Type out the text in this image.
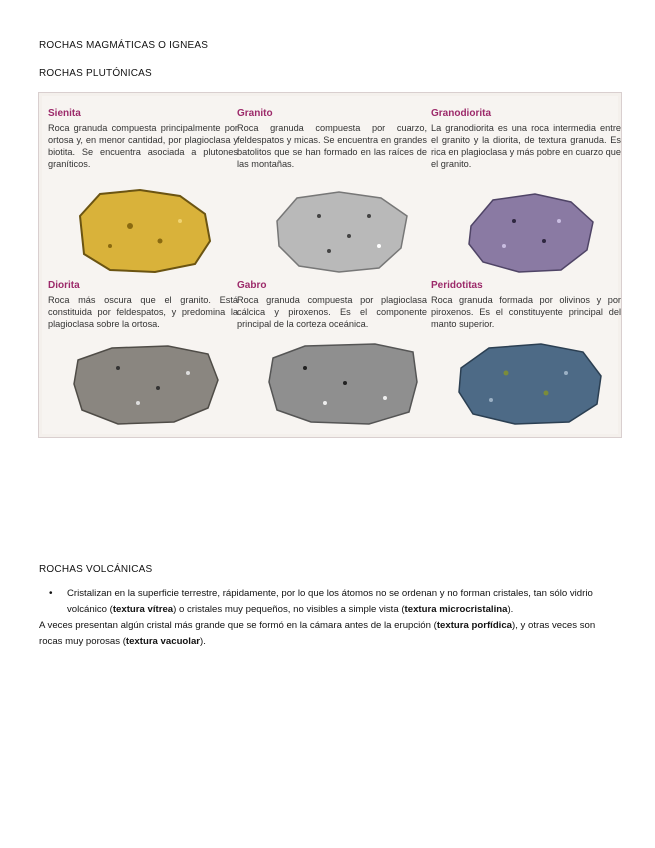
ROCHAS MAGMÁTICAS O IGNEAS
ROCHAS PLUTÓNICAS
Sienita
Roca granuda compuesta principalmente por ortosa y, en menor cantidad, por plagioclasa y biotita. Se encuentra asociada a plutones graníticos.
Granito
Roca granuda compuesta por cuarzo, feldespatos y micas. Se encuentra en grandes batolitos que se han formado en las raíces de las montañas.
Granodiorita
La granodiorita es una roca intermedia entre el granito y la diorita, de textura granuda. Es rica en plagioclasa y más pobre en cuarzo que el granito.
Diorita
Roca más oscura que el granito. Está constituida por feldespatos, y predomina la plagioclasa sobre la ortosa.
Gabro
Roca granuda compuesta por plagioclasa cálcica y piroxenos. Es el componente principal de la corteza oceánica.
Peridotitas
Roca granuda formada por olivinos y por piroxenos. Es el constituyente principal del manto superior.
ROCHAS VOLCÁNICAS
• Cristalizan en la superficie terrestre, rápidamente, por lo que los átomos no se ordenan y no forman cristales, tan sólo vidrio volcánico (textura vítrea) o cristales muy pequeños, no visibles a simple vista (textura microcristalina).
A veces presentan algún cristal más grande que se formó en la cámara antes de la erupción (textura porfídica), y otras veces son rocas muy porosas (textura vacuolar).
